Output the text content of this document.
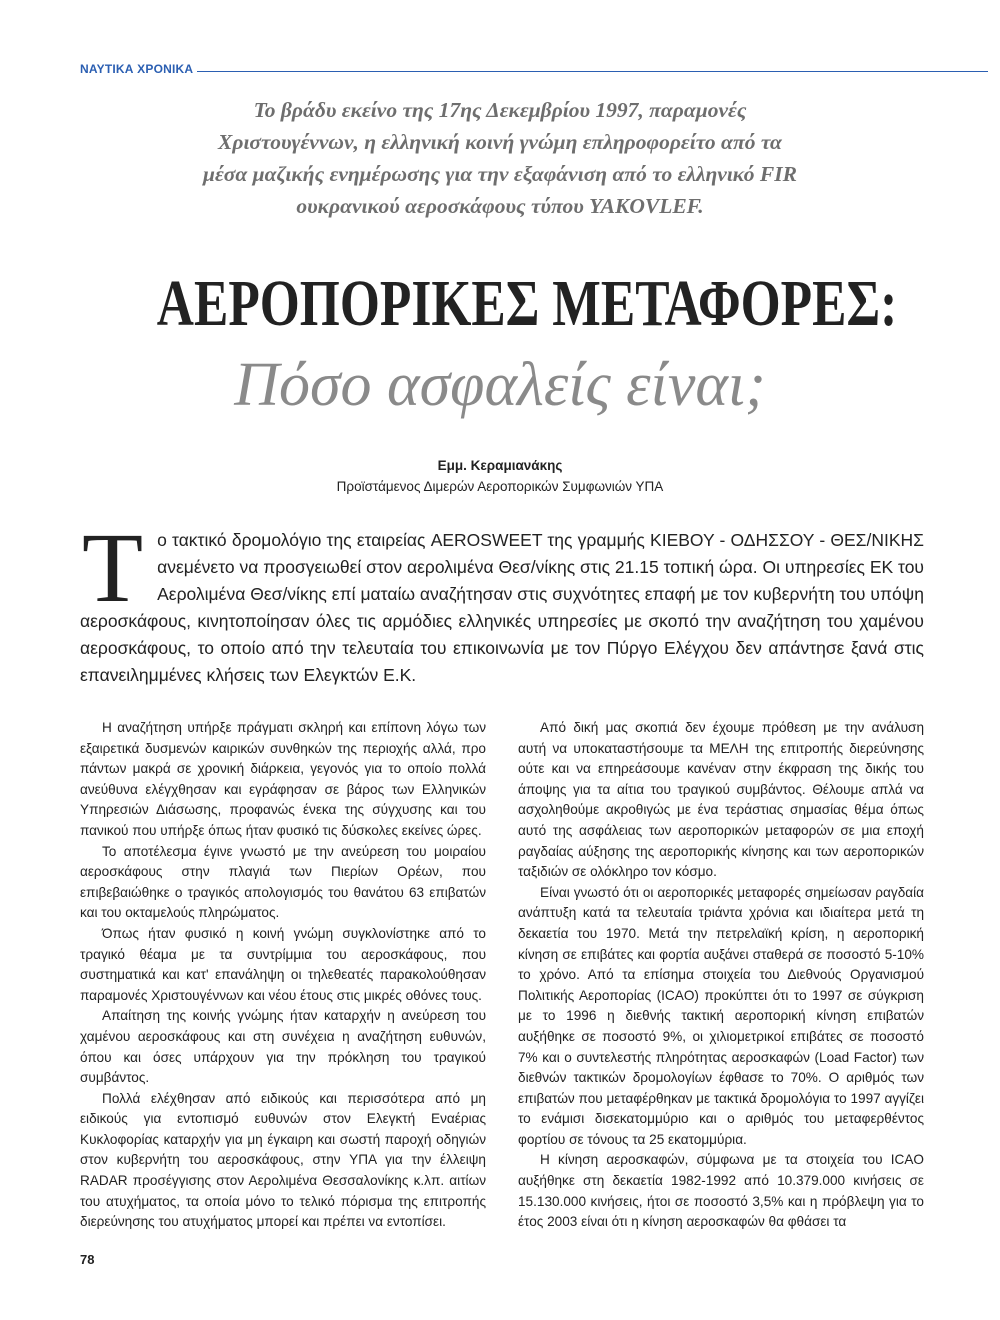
ΝΑΥΤΙΚΑ ΧΡΟΝΙΚΑ
Το βράδυ εκείνο της 17ης Δεκεμβρίου 1997, παραμονές
Χριστουγέννων, η ελληνική κοινή γνώμη επληροφορείτο από τα
μέσα μαζικής ενημέρωσης για την εξαφάνιση από το ελληνικό FIR
ουκρανικού αεροσκάφους τύπου YAKOVLEF.
ΑΕΡΟΠΟΡΙΚΕΣ ΜΕΤΑΦΟΡΕΣ:
Πόσο ασφαλείς είναι;
Εμμ. Κεραμιανάκης
Προϊστάμενος Διμερών Αεροπορικών Συμφωνιών ΥΠΑ
Το τακτικό δρομολόγιο της εταιρείας AEROSWEET της γραμμής ΚΙΕΒΟΥ - ΟΔΗΣΣΟΥ - ΘΕΣ/ΝΙΚΗΣ ανεμένετο να προσγειωθεί στον αερολιμένα Θεσ/νίκης στις 21.15 τοπική ώρα. Οι υπηρεσίες ΕΚ του Αερολιμένα Θεσ/νίκης επί ματαίω αναζήτησαν στις συχνότητες επαφή με τον κυβερνήτη του υπόψη αεροσκάφους, κινητοποίησαν όλες τις αρμόδιες ελληνικές υπηρεσίες με σκοπό την αναζήτηση του χαμένου αεροσκάφους, το οποίο από την τελευταία του επικοινωνία με τον Πύργο Ελέγχου δεν απάντησε ξανά στις επανειλημμένες κλήσεις των Ελεγκτών Ε.Κ.

Η αναζήτηση υπήρξε πράγματι σκληρή και επίπονη λόγω των εξαιρετικά δυσμενών καιρικών συνθηκών της περιοχής αλλά, προ πάντων μακρά σε χρονική διάρκεια, γεγονός για το οποίο πολλά ανεύθυνα ελέγχθησαν και εγράφησαν σε βάρος των Ελληνικών Υπηρεσιών Διάσωσης, προφανώς ένεκα της σύγχυσης και του πανικού που υπήρξε όπως ήταν φυσικό τις δύσκολες εκείνες ώρες.

Το αποτέλεσμα έγινε γνωστό με την ανεύρεση του μοιραίου αεροσκάφους στην πλαγιά των Πιερίων Ορέων, που επιβεβαιώθηκε ο τραγικός απολογισμός του θανάτου 63 επιβατών και του οκταμελούς πληρώματος.

Όπως ήταν φυσικό η κοινή γνώμη συγκλονίστηκε από το τραγικό θέαμα με τα συντρίμμια του αεροσκάφους, που συστηματικά και κατ' επανάληψη οι τηλεθεατές παρακολούθησαν παραμονές Χριστουγέννων και νέου έτους στις μικρές οθόνες τους.

Απαίτηση της κοινής γνώμης ήταν καταρχήν η ανεύρεση του χαμένου αεροσκάφους και στη συνέχεια η αναζήτηση ευθυνών, όπου και όσες υπάρχουν για την πρόκληση του τραγικού συμβάντος.

Πολλά ελέχθησαν από ειδικούς και περισσότερα από μη ειδικούς για εντοπισμό ευθυνών στον Ελεγκτή Εναέριας Κυκλοφορίας καταρχήν για μη έγκαιρη και σωστή παροχή οδηγιών στον κυβερνήτη του αεροσκάφους, στην ΥΠΑ για την έλλειψη RADAR προσέγγισης στον Αερολιμένα Θεσσαλονίκης κ.λπ. αιτίων του ατυχήματος, τα οποία μόνο το τελικό πόρισμα της επιτροπής διερεύνησης του ατυχήματος μπορεί και πρέπει να εντοπίσει.

Από δική μας σκοπιά δεν έχουμε πρόθεση με την ανάλυση αυτή να υποκαταστήσουμε τα ΜΕΛΗ της επιτροπής διερεύνησης ούτε και να επηρεάσουμε κανέναν στην έκφραση της δικής του άποψης για τα αίτια του τραγικού συμβάντος. Θέλουμε απλά να ασχοληθούμε ακροθιγώς με ένα τεράστιας σημασίας θέμα όπως αυτό της ασφάλειας των αεροπορικών μεταφορών σε μια εποχή ραγδαίας αύξησης της αεροπορικής κίνησης και των αεροπορικών ταξιδιών σε ολόκληρο τον κόσμο.

Είναι γνωστό ότι οι αεροπορικές μεταφορές σημείωσαν ραγδαία ανάπτυξη κατά τα τελευταία τριάντα χρόνια και ιδιαίτερα μετά τη δεκαετία του 1970. Μετά την πετρελαϊκή κρίση, η αεροπορική κίνηση σε επιβάτες και φορτία αυξάνει σταθερά σε ποσοστό 5-10% το χρόνο. Από τα επίσημα στοιχεία του Διεθνούς Οργανισμού Πολιτικής Αεροπορίας (ICAO) προκύπτει ότι το 1997 σε σύγκριση με το 1996 η διεθνής τακτική αεροπορική κίνηση επιβατών αυξήθηκε σε ποσοστό 9%, οι χιλιομετρικοί επιβάτες σε ποσοστό 7% και ο συντελεστής πληρότητας αεροσκαφών (Load Factor) των διεθνών τακτικών δρομολογίων έφθασε το 70%. Ο αριθμός των επιβατών που μεταφέρθηκαν με τακτικά δρομολόγια το 1997 αγγίζει το ενάμισι δισεκατομμύριο και ο αριθμός του μεταφερθέντος φορτίου σε τόνους τα 25 εκατομμύρια.

Η κίνηση αεροσκαφών, σύμφωνα με τα στοιχεία του ICAO αυξήθηκε στη δεκαετία 1982-1992 από 10.379.000 κινήσεις σε 15.130.000 κινήσεις, ήτοι σε ποσοστό 3,5% και η πρόβλεψη για το έτος 2003 είναι ότι η κίνηση αεροσκαφών θα φθάσει τα

78
